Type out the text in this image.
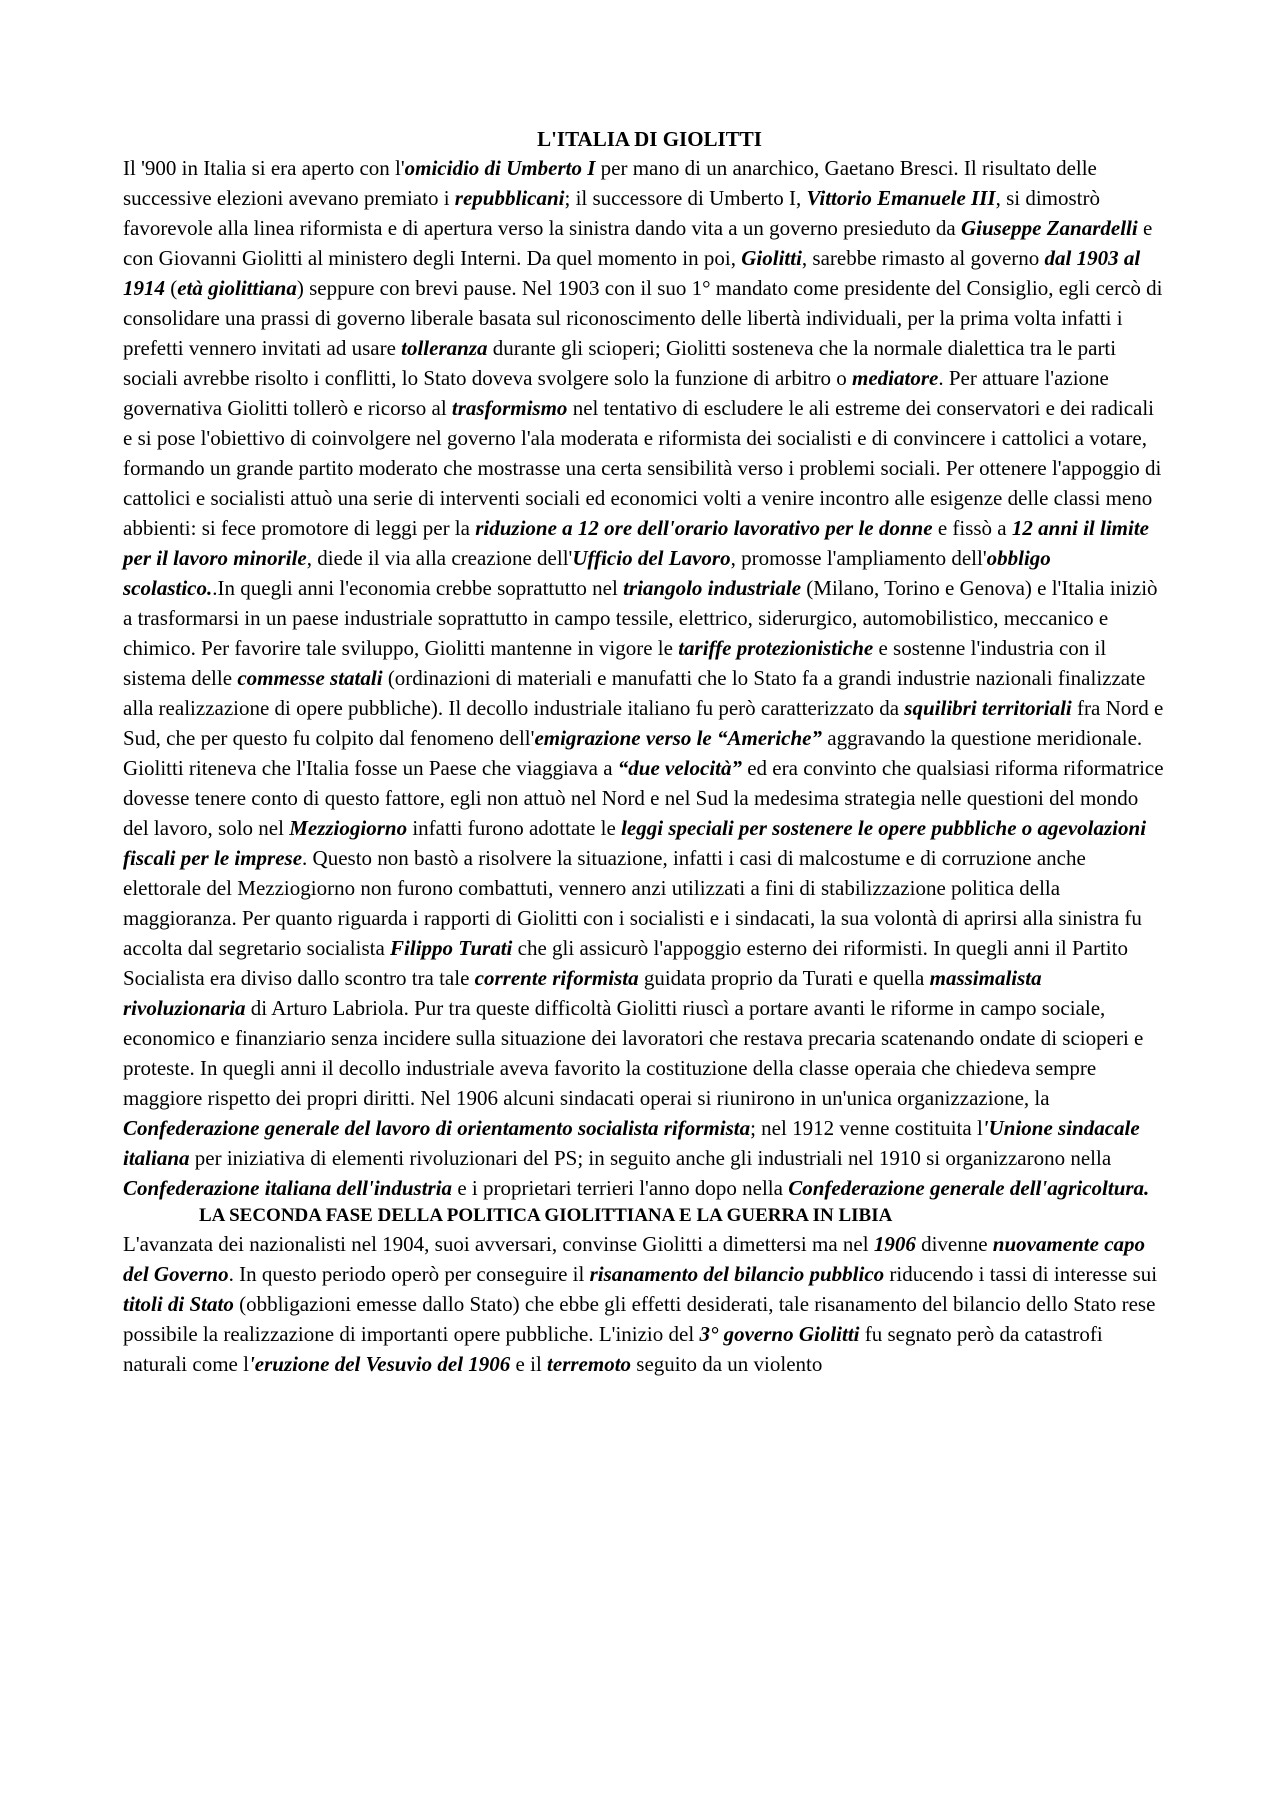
L'ITALIA DI GIOLITTI

Il '900 in Italia si era aperto con l'omicidio di Umberto I per mano di un anarchico, Gaetano Bresci. Il risultato delle successive elezioni avevano premiato i repubblicani; il successore di Umberto I, Vittorio Emanuele III, si dimostrò favorevole alla linea riformista e di apertura verso la sinistra dando vita a un governo presieduto da Giuseppe Zanardelli e con Giovanni Giolitti al ministero degli Interni. Da quel momento in poi, Giolitti, sarebbe rimasto al governo dal 1903 al 1914 (età giolittiana) seppure con brevi pause. Nel 1903 con il suo 1° mandato come presidente del Consiglio, egli cercò di consolidare una prassi di governo liberale basata sul riconoscimento delle libertà individuali, per la prima volta infatti i prefetti vennero invitati ad usare tolleranza durante gli scioperi; Giolitti sosteneva che la normale dialettica tra le parti sociali avrebbe risolto i conflitti, lo Stato doveva svolgere solo la funzione di arbitro o mediatore. Per attuare l'azione governativa Giolitti tollerò e ricorso al trasformismo nel tentativo di escludere le ali estreme dei conservatori e dei radicali e si pose l'obiettivo di coinvolgere nel governo l'ala moderata e riformista dei socialisti e di convincere i cattolici a votare, formando un grande partito moderato che mostrasse una certa sensibilità verso i problemi sociali. Per ottenere l'appoggio di cattolici e socialisti attuò una serie di interventi sociali ed economici volti a venire incontro alle esigenze delle classi meno abbienti: si fece promotore di leggi per la riduzione a 12 ore dell'orario lavorativo per le donne e fissò a 12 anni il limite per il lavoro minorile, diede il via alla creazione dell'Ufficio del Lavoro, promosse l'ampliamento dell'obbligo scolastico..In quegli anni l'economia crebbe soprattutto nel triangolo industriale (Milano, Torino e Genova) e l'Italia iniziò a trasformarsi in un paese industriale soprattutto in campo tessile, elettrico, siderurgico, automobilistico, meccanico e chimico. Per favorire tale sviluppo, Giolitti mantenne in vigore le tariffe protezionistiche e sostenne l'industria con il sistema delle commesse statali (ordinazioni di materiali e manufatti che lo Stato fa a grandi industrie nazionali finalizzate alla realizzazione di opere pubbliche). Il decollo industriale italiano fu però caratterizzato da squilibri territoriali fra Nord e Sud, che per questo fu colpito dal fenomeno dell'emigrazione verso le “Americhe” aggravando la questione meridionale. Giolitti riteneva che l'Italia fosse un Paese che viaggiava a “due velocità” ed era convinto che qualsiasi riforma riformatrice dovesse tenere conto di questo fattore, egli non attuò nel Nord e nel Sud la medesima strategia nelle questioni del mondo del lavoro, solo nel Mezziogiorno infatti furono adottate le leggi speciali per sostenere le opere pubbliche o agevolazioni fiscali per le imprese. Questo non bastò a risolvere la situazione, infatti i casi di malcostume e di corruzione anche elettorale del Mezziogiorno non furono combattuti, vennero anzi utilizzati a fini di stabilizzazione politica della maggioranza. Per quanto riguarda i rapporti di Giolitti con i socialisti e i sindacati, la sua volontà di aprirsi alla sinistra fu accolta dal segretario socialista Filippo Turati che gli assicurò l'appoggio esterno dei riformisti. In quegli anni il Partito Socialista era diviso dallo scontro tra tale corrente riformista guidata proprio da Turati e quella massimalista rivoluzionaria di Arturo Labriola. Pur tra queste difficoltà Giolitti riuscì a portare avanti le riforme in campo sociale, economico e finanziario senza incidere sulla situazione dei lavoratori che restava precaria scatenando ondate di scioperi e proteste. In quegli anni il decollo industriale aveva favorito la costituzione della classe operaia che chiedeva sempre maggiore rispetto dei propri diritti. Nel 1906 alcuni sindacati operai si riunirono in un'unica organizzazione, la Confederazione generale del lavoro di orientamento socialista riformista; nel 1912 venne costituita l'Unione sindacale italiana per iniziativa di elementi rivoluzionari del PS; in seguito anche gli industriali nel 1910 si organizzarono nella Confederazione italiana dell'industria e i proprietari terrieri l'anno dopo nella Confederazione generale dell'agricoltura.

LA SECONDA FASE DELLA POLITICA GIOLITTIANA E LA GUERRA IN LIBIA

L'avanzata dei nazionalisti nel 1904, suoi avversari, convinse Giolitti a dimettersi ma nel 1906 divenne nuovamente capo del Governo. In questo periodo operò per conseguire il risanamento del bilancio pubblico riducendo i tassi di interesse sui titoli di Stato (obbligazioni emesse dallo Stato) che ebbe gli effetti desiderati, tale risanamento del bilancio dello Stato rese possibile la realizzazione di importanti opere pubbliche. L'inizio del 3° governo Giolitti fu segnato però da catastrofi naturali come l'eruzione del Vesuvio del 1906 e il terremoto seguito da un violento
